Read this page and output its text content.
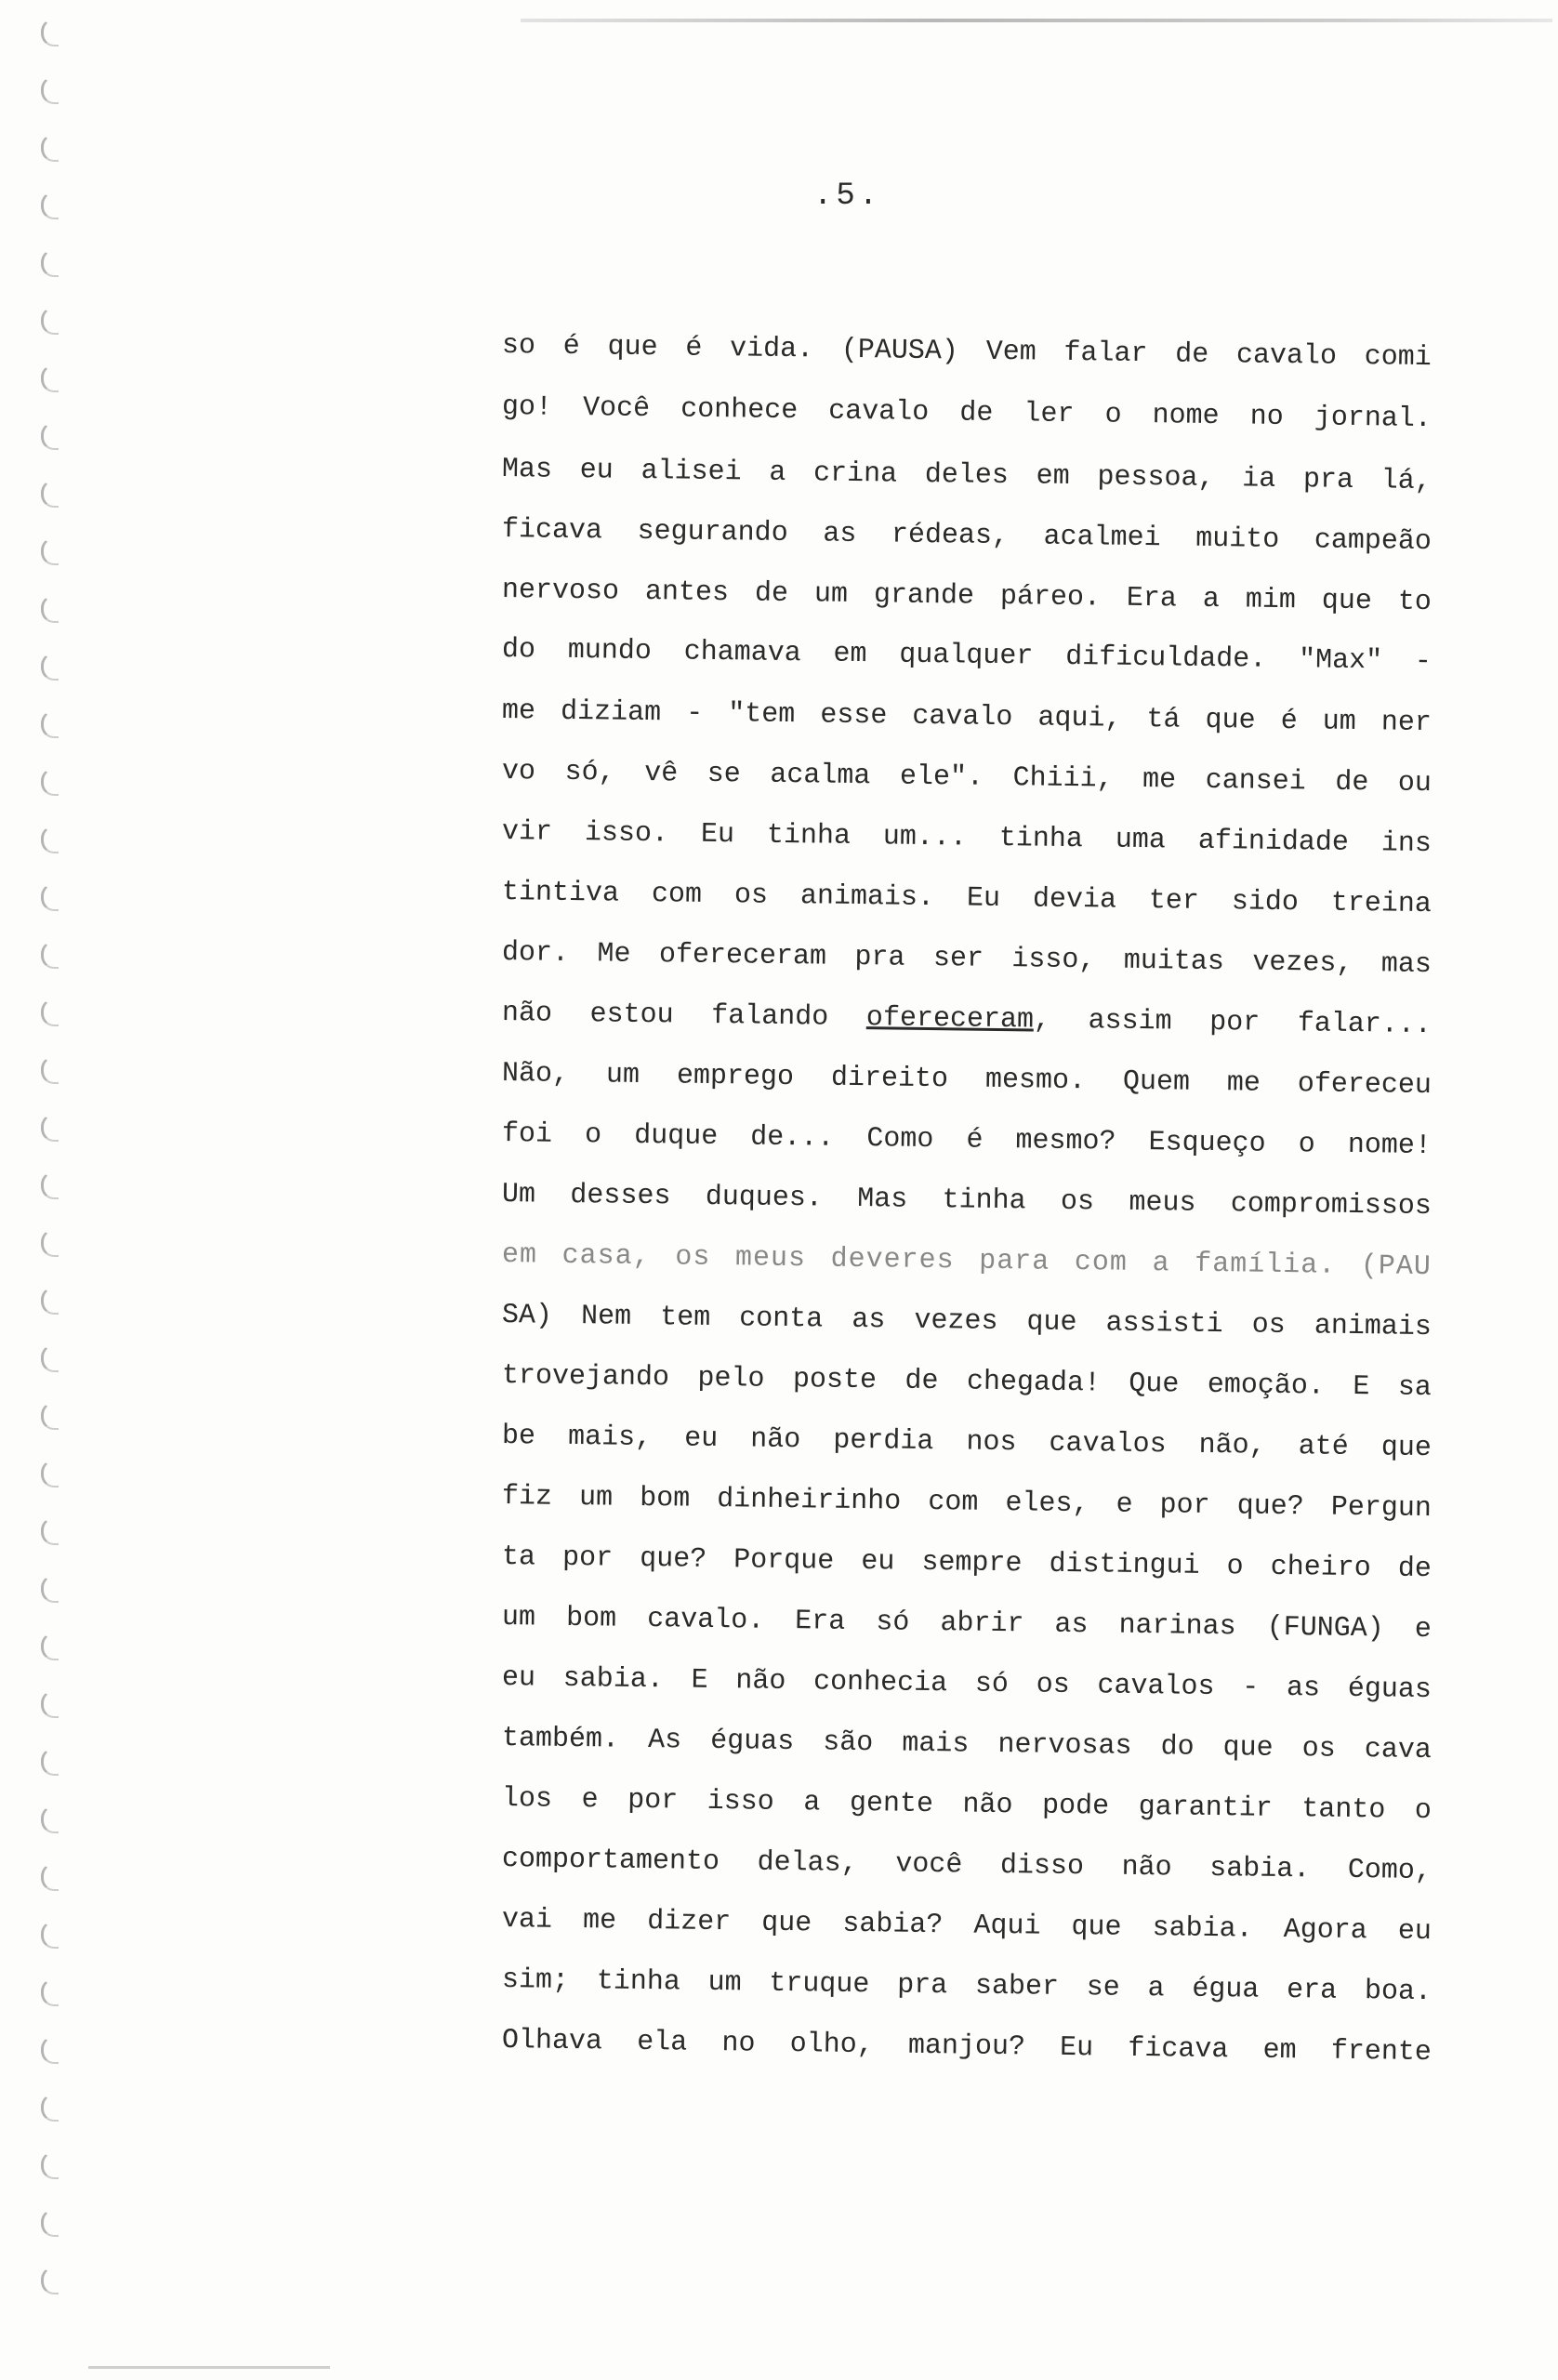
.5.
so é que é vida. (PAUSA) Vem falar de cavalo comi
go! Você conhece cavalo de ler o nome no jornal.
Mas eu alisei a crina deles em pessoa, ia pra lá,
ficava segurando as rédeas, acalmei muito campeão
nervoso antes de um grande páreo. Era a mim que to
do mundo chamava em qualquer dificuldade. "Max" -
me diziam - "tem esse cavalo aqui, tá que é um ner
vo só, vê se acalma ele". Chiii, me cansei de ou
vir isso. Eu tinha um... tinha uma afinidade ins
tintiva com os animais. Eu devia ter sido treina
dor. Me ofereceram pra ser isso, muitas vezes, mas
não estou falando ofereceram, assim por falar...
Não, um emprego direito mesmo. Quem me ofereceu
foi o duque de... Como é mesmo? Esqueço o nome!
Um desses duques. Mas tinha os meus compromissos
em casa, os meus deveres para com a família. (PAU
SA) Nem tem conta as vezes que assisti os animais
trovejando pelo poste de chegada! Que emoção. E sa
be mais, eu não perdia nos cavalos não, até que
fiz um bom dinheirinho com eles, e por que? Pergun
ta por que? Porque eu sempre distingui o cheiro de
um bom cavalo. Era só abrir as narinas (FUNGA) e
eu sabia. E não conhecia só os cavalos - as éguas
também. As éguas são mais nervosas do que os cava
los e por isso a gente não pode garantir tanto o
comportamento delas, você disso não sabia. Como,
vai me dizer que sabia? Aqui que sabia. Agora eu
sim; tinha um truque pra saber se a égua era boa.
Olhava ela no olho, manjou? Eu ficava em frente
